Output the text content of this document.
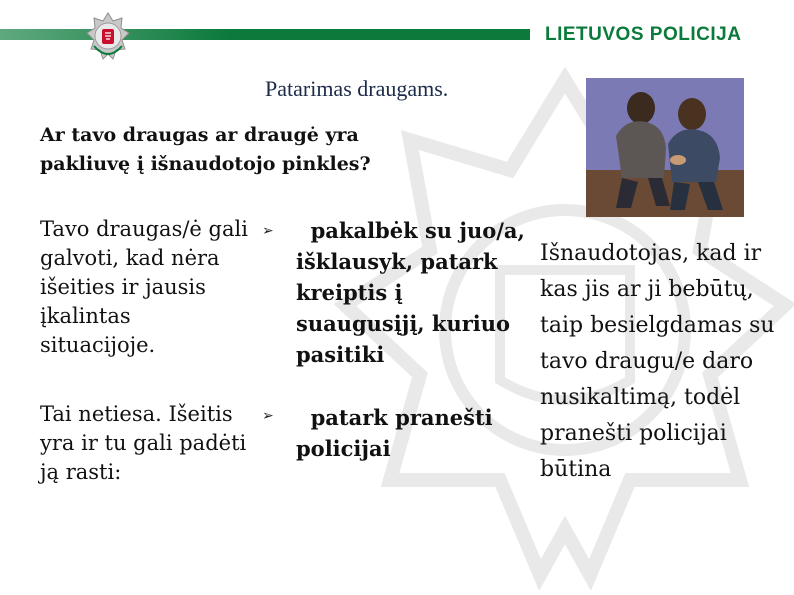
LIETUVOS POLICIJA
Patarimas draugams.
Ar tavo draugas ar draugė yra pakliuvę į išnaudotojo pinkles?
Tavo draugas/ė gali galvoti, kad nėra išeities ir jausis įkalintas situacijoje.
Tai netiesa. Išeitis yra ir tu gali padėti ją rasti:
➢
➢
pakalbėk su juo/a, išklausyk, patark kreiptis į suaugusįjį, kuriuo pasitiki
patark pranešti policijai
Išnaudotojas, kad ir kas jis ar ji bebūtų, taip besielgdamas su tavo draugu/e daro nusikaltimą, todėl pranešti policijai būtina
